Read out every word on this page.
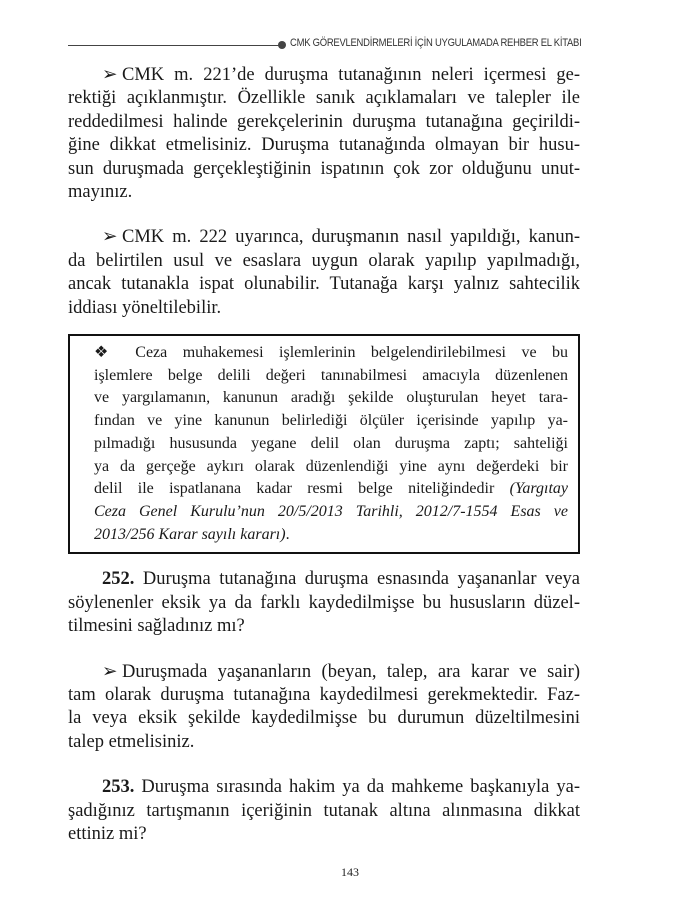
CMK GÖREVLENDİRMELERİ İÇİN UYGULAMADA REHBER EL KİTABI

➢ CMK m. 221’de duruşma tutanağının neleri içermesi ge-
rektiği açıklanmıştır. Özellikle sanık açıklamaları ve talepler ile
reddedilmesi halinde gerekçelerinin duruşma tutanağına geçirildi-
ğine dikkat etmelisiniz. Duruşma tutanağında olmayan bir husu-
sun duruşmada gerçekleştiğinin ispatının çok zor olduğunu unut-
mayınız.

➢ CMK m. 222 uyarınca, duruşmanın nasıl yapıldığı, kanun-
da belirtilen usul ve esaslara uygun olarak yapılıp yapılmadığı,
ancak tutanakla ispat olunabilir. Tutanağa karşı yalnız sahtecilik
iddiası yöneltilebilir.

❖ Ceza muhakemesi işlemlerinin belgelendirilebilmesi ve bu
işlemlere belge delili değeri tanınabilmesi amacıyla düzenlenen
ve yargılamanın, kanunun aradığı şekilde oluşturulan heyet tara-
fından ve yine kanunun belirlediği ölçüler içerisinde yapılıp ya-
pılmadığı hususunda yegane delil olan duruşma zaptı; sahteliği
ya da gerçeğe aykırı olarak düzenlendiği yine aynı değerdeki bir
delil ile ispatlanana kadar resmi belge niteliğindedir (Yargıtay
Ceza Genel Kurulu’nun 20/5/2013 Tarihli, 2012/7-1554 Esas ve
2013/256 Karar sayılı kararı).

252. Duruşma tutanağına duruşma esnasında yaşananlar veya
söylenenler eksik ya da farklı kaydedilmişse bu hususların düzel-
tilmesini sağladınız mı?

➢ Duruşmada yaşananların (beyan, talep, ara karar ve sair)
tam olarak duruşma tutanağına kaydedilmesi gerekmektedir. Faz-
la veya eksik şekilde kaydedilmişse bu durumun düzeltilmesini
talep etmelisiniz.

253. Duruşma sırasında hakim ya da mahkeme başkanıyla ya-
şadığınız tartışmanın içeriğinin tutanak altına alınmasına dikkat
ettiniz mi?

143
